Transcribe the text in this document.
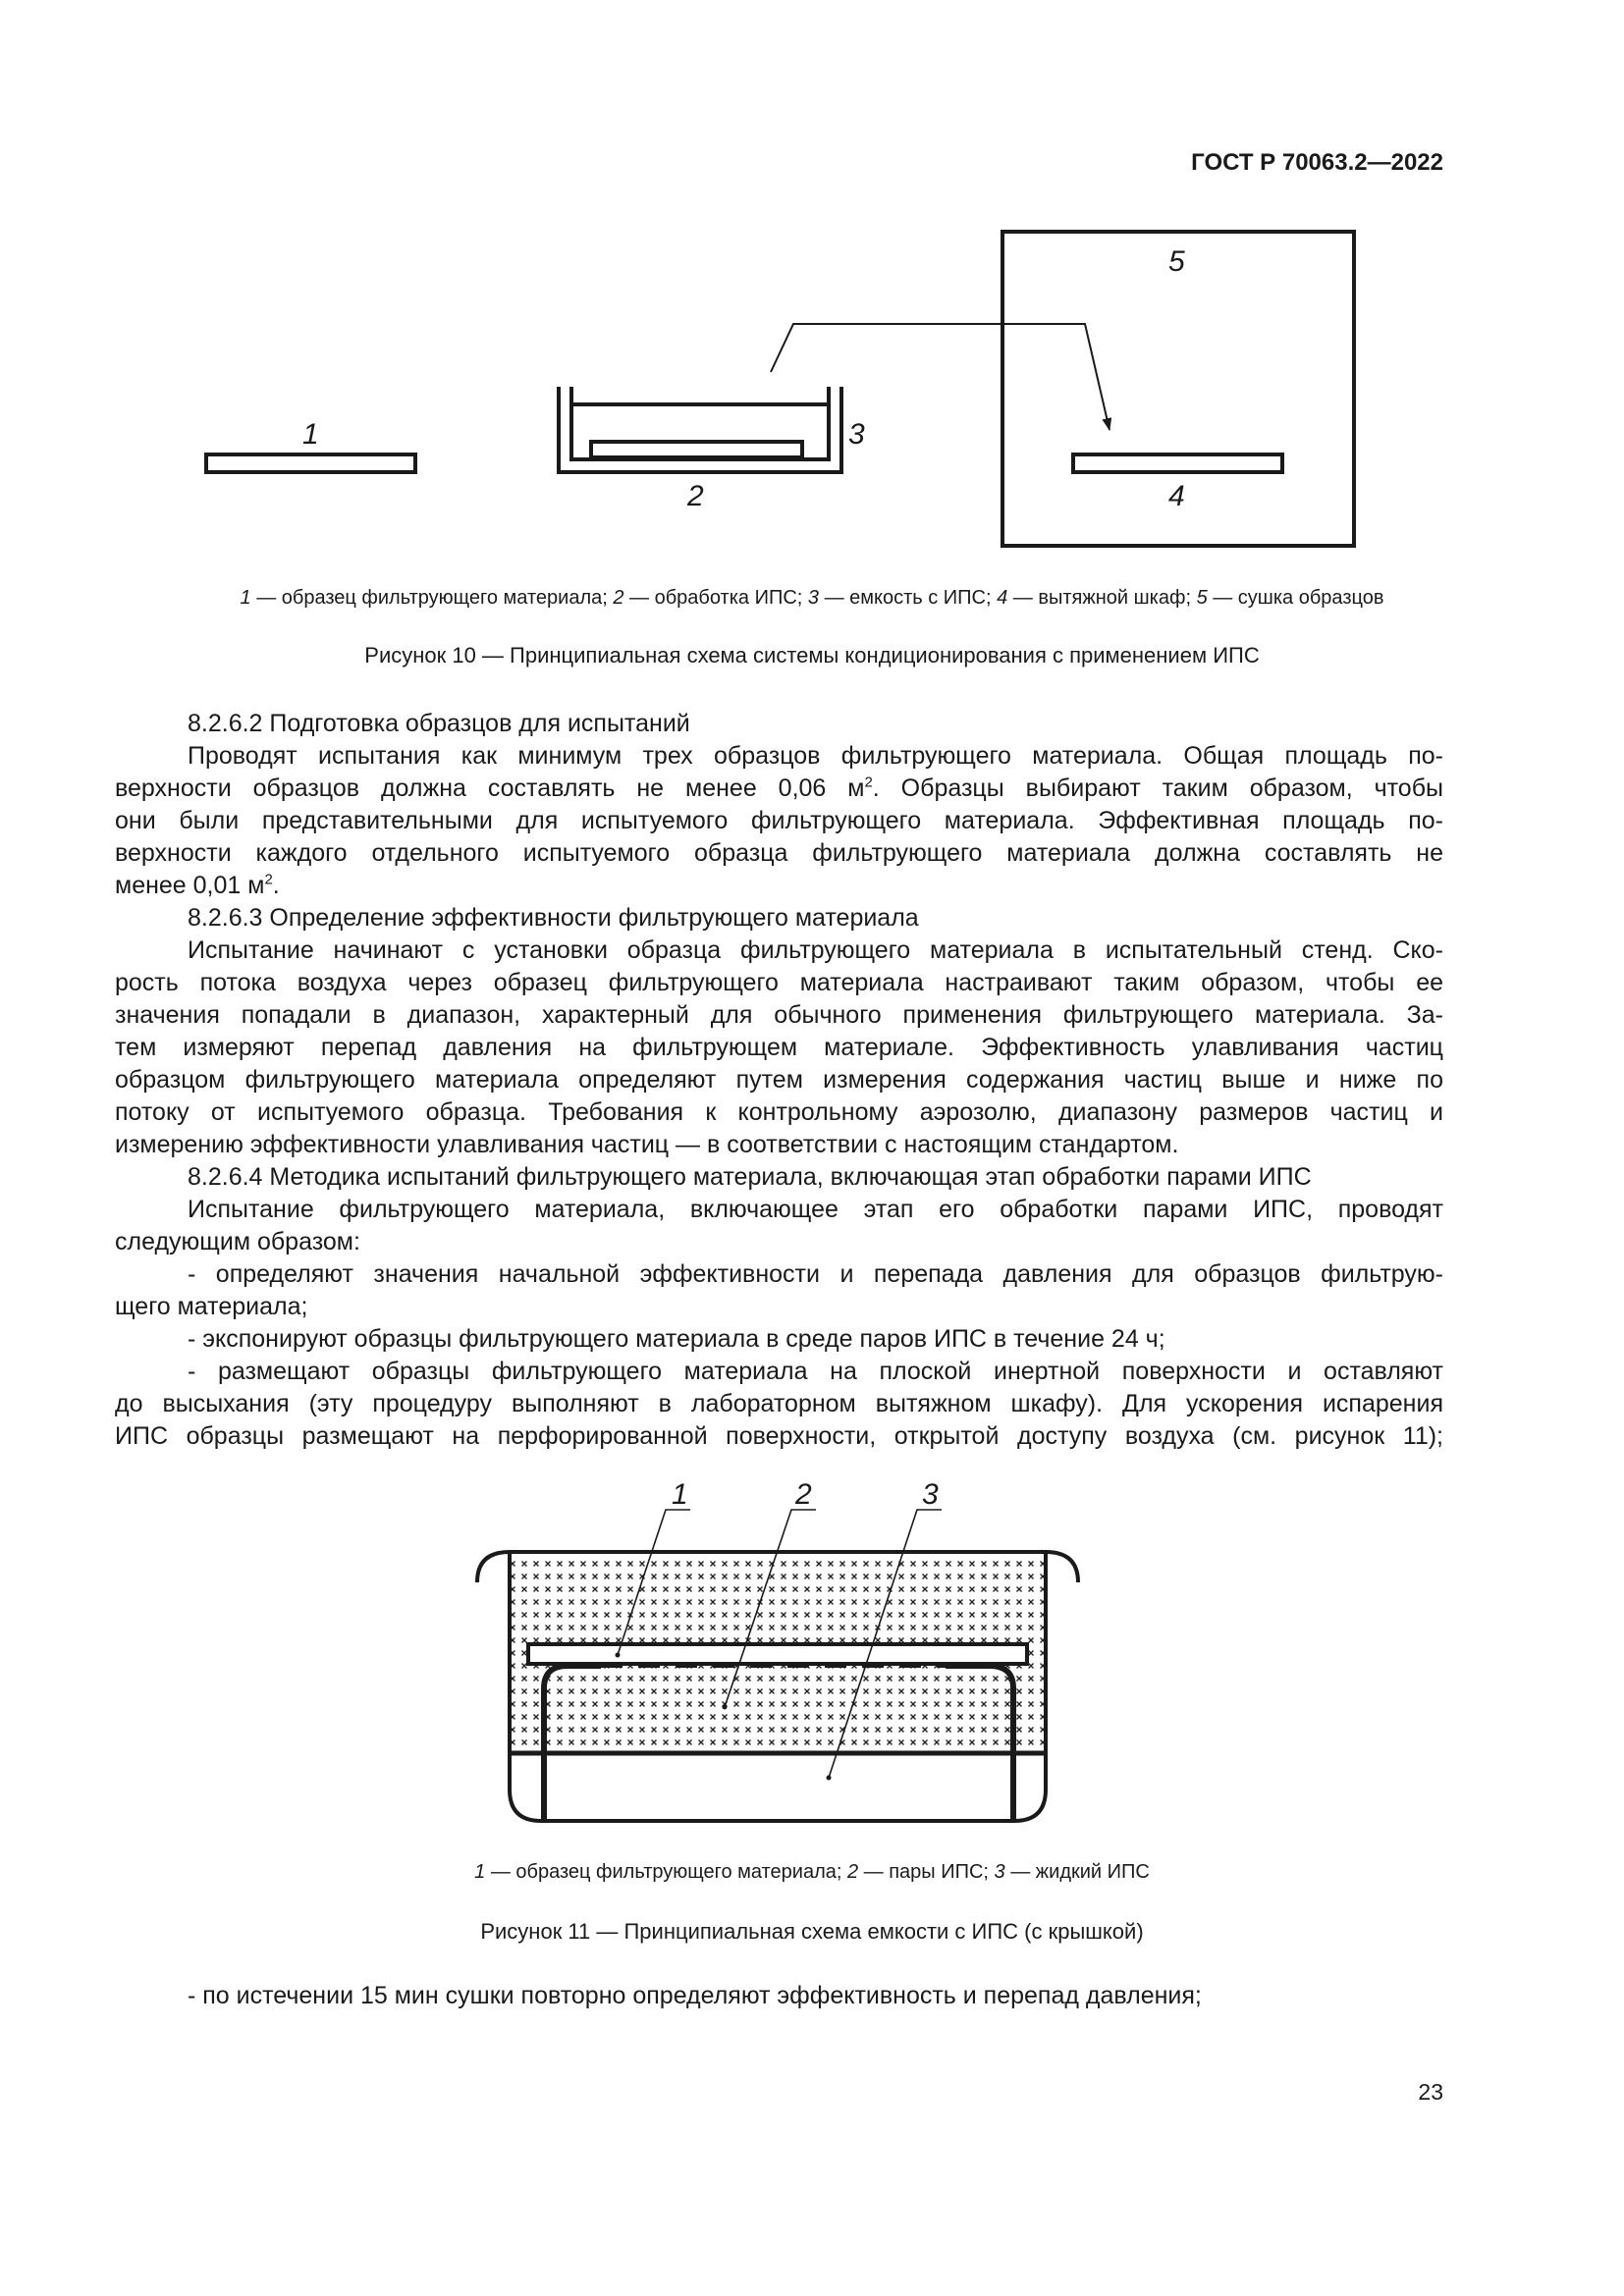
ГОСТ Р 70063.2—2022
1
2
3
4
5
1	2	3
1 — образец фильтрующего материала; 2 — обработка ИПС; 3 — емкость с ИПС; 4 — вытяжной шкаф; 5 — сушка образцов
Рисунок 10 — Принципиальная схема системы кондиционирования с применением ИПС
8.2.6.2 Подготовка образцов для испытаний
Проводят испытания как минимум трех образцов фильтрующего материала. Общая площадь по-
верхности образцов должна составлять не менее 0,06 $м^2$. Образцы выбирают таким образом, чтобы
они были представительными для испытуемого фильтрующего материала. Эффективная площадь по-
верхности каждого отдельного испытуемого образца фильтрующего материала должна составлять не
менее 0,01 $м^2$.
8.2.6.3 Определение эффективности фильтрующего материала
Испытание начинают с установки образца фильтрующего материала в испытательный стенд. Ско-
рость потока воздуха через образец фильтрующего материала настраивают таким образом, чтобы ее
значения попадали в диапазон, характерный для обычного применения фильтрующего материала. За-
тем измеряют перепад давления на фильтрующем материале. Эффективность улавливания частиц
образцом фильтрующего материала определяют путем измерения содержания частиц выше и ниже по
потоку от испытуемого образца. Требования к контрольному аэрозолю, диапазону размеров частиц и
измерению эффективности улавливания частиц — в соответствии с настоящим стандартом.
8.2.6.4 Методика испытаний фильтрующего материала, включающая этап обработки парами ИПС
Испытание фильтрующего материала, включающее этап его обработки парами ИПС, проводят
следующим образом:
- определяют значения начальной эффективности и перепада давления для образцов фильтрую-
щего материала;
- экспонируют образцы фильтрующего материала в среде паров ИПС в течение 24 ч;
- размещают образцы фильтрующего материала на плоской инертной поверхности и оставляют
до высыхания (эту процедуру выполняют в лабораторном вытяжном шкафу). Для ускорения испарения
ИПС образцы размещают на перфорированной поверхности, открытой доступу воздуха (см. рисунок 11);
1 — образец фильтрующего материала; 2 — пары ИПС; 3 — жидкий ИПС
Рисунок 11 — Принципиальная схема емкости с ИПС (с крышкой)
- по истечении 15 мин сушки повторно определяют эффективность и перепад давления;
23
